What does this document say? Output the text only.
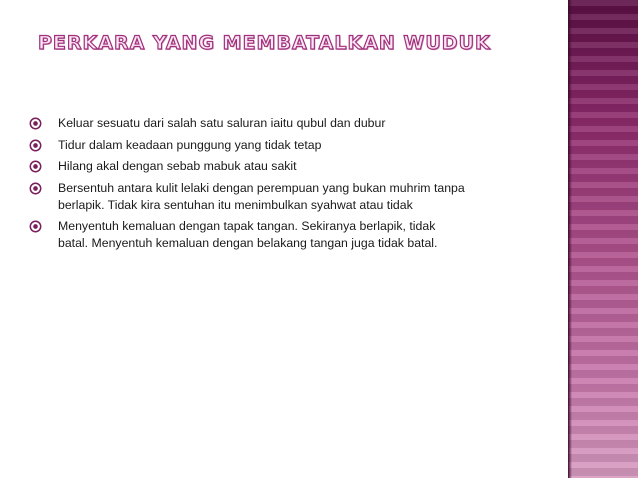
PERKARA YANG MEMBATALKAN WUDUK
Keluar sesuatu dari salah satu saluran iaitu qubul dan dubur
Tidur dalam keadaan punggung yang tidak tetap
Hilang akal dengan sebab mabuk atau sakit
Bersentuh antara kulit lelaki dengan perempuan yang bukan muhrim tanpa
berlapik. Tidak kira sentuhan itu menimbulkan syahwat atau tidak
Menyentuh kemaluan dengan tapak tangan. Sekiranya berlapik, tidak
batal. Menyentuh kemaluan dengan belakang tangan juga tidak batal.
